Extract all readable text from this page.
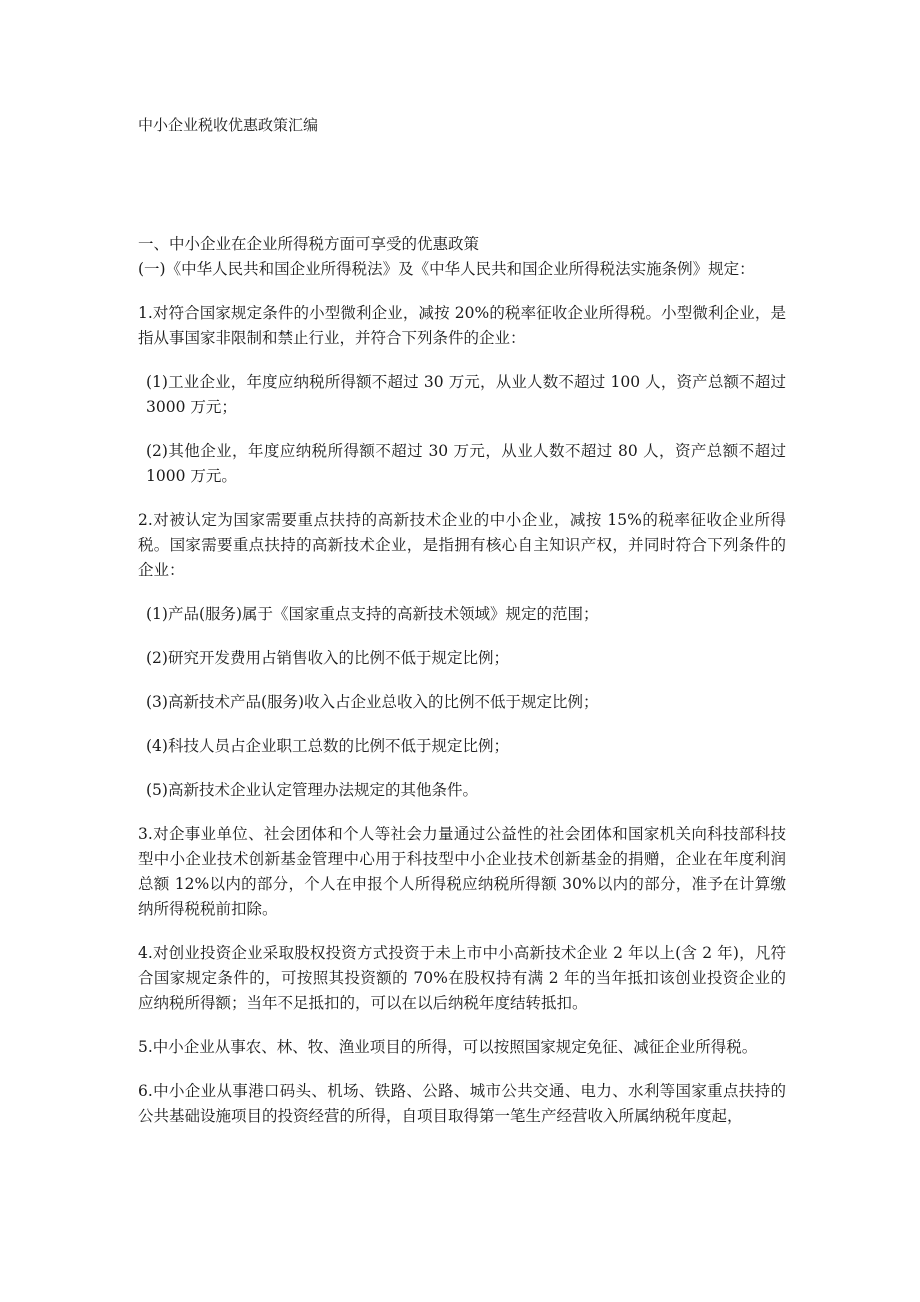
中小企业税收优惠政策汇编

一、中小企业在企业所得税方面可享受的优惠政策

(一)《中华人民共和国企业所得税法》及《中华人民共和国企业所得税法实施条例》规定：

1.对符合国家规定条件的小型微利企业，减按 20%的税率征收企业所得税。小型微利企业，是指从事国家非限制和禁止行业，并符合下列条件的企业：

(1)工业企业，年度应纳税所得额不超过 30 万元，从业人数不超过 100 人，资产总额不超过 3000 万元；

(2)其他企业，年度应纳税所得额不超过 30 万元，从业人数不超过 80 人，资产总额不超过 1000 万元。

2.对被认定为国家需要重点扶持的高新技术企业的中小企业，减按 15%的税率征收企业所得税。国家需要重点扶持的高新技术企业，是指拥有核心自主知识产权，并同时符合下列条件的企业：

(1)产品(服务)属于《国家重点支持的高新技术领域》规定的范围；

(2)研究开发费用占销售收入的比例不低于规定比例；

(3)高新技术产品(服务)收入占企业总收入的比例不低于规定比例；

(4)科技人员占企业职工总数的比例不低于规定比例；

(5)高新技术企业认定管理办法规定的其他条件。

3.对企事业单位、社会团体和个人等社会力量通过公益性的社会团体和国家机关向科技部科技型中小企业技术创新基金管理中心用于科技型中小企业技术创新基金的捐赠，企业在年度利润总额 12%以内的部分，个人在申报个人所得税应纳税所得额 30%以内的部分，准予在计算缴纳所得税税前扣除。

4.对创业投资企业采取股权投资方式投资于未上市中小高新技术企业 2 年以上(含 2 年)，凡符合国家规定条件的，可按照其投资额的 70%在股权持有满 2 年的当年抵扣该创业投资企业的应纳税所得额；当年不足抵扣的，可以在以后纳税年度结转抵扣。

5.中小企业从事农、林、牧、渔业项目的所得，可以按照国家规定免征、减征企业所得税。

6.中小企业从事港口码头、机场、铁路、公路、城市公共交通、电力、水利等国家重点扶持的公共基础设施项目的投资经营的所得，自项目取得第一笔生产经营收入所属纳税年度起，
